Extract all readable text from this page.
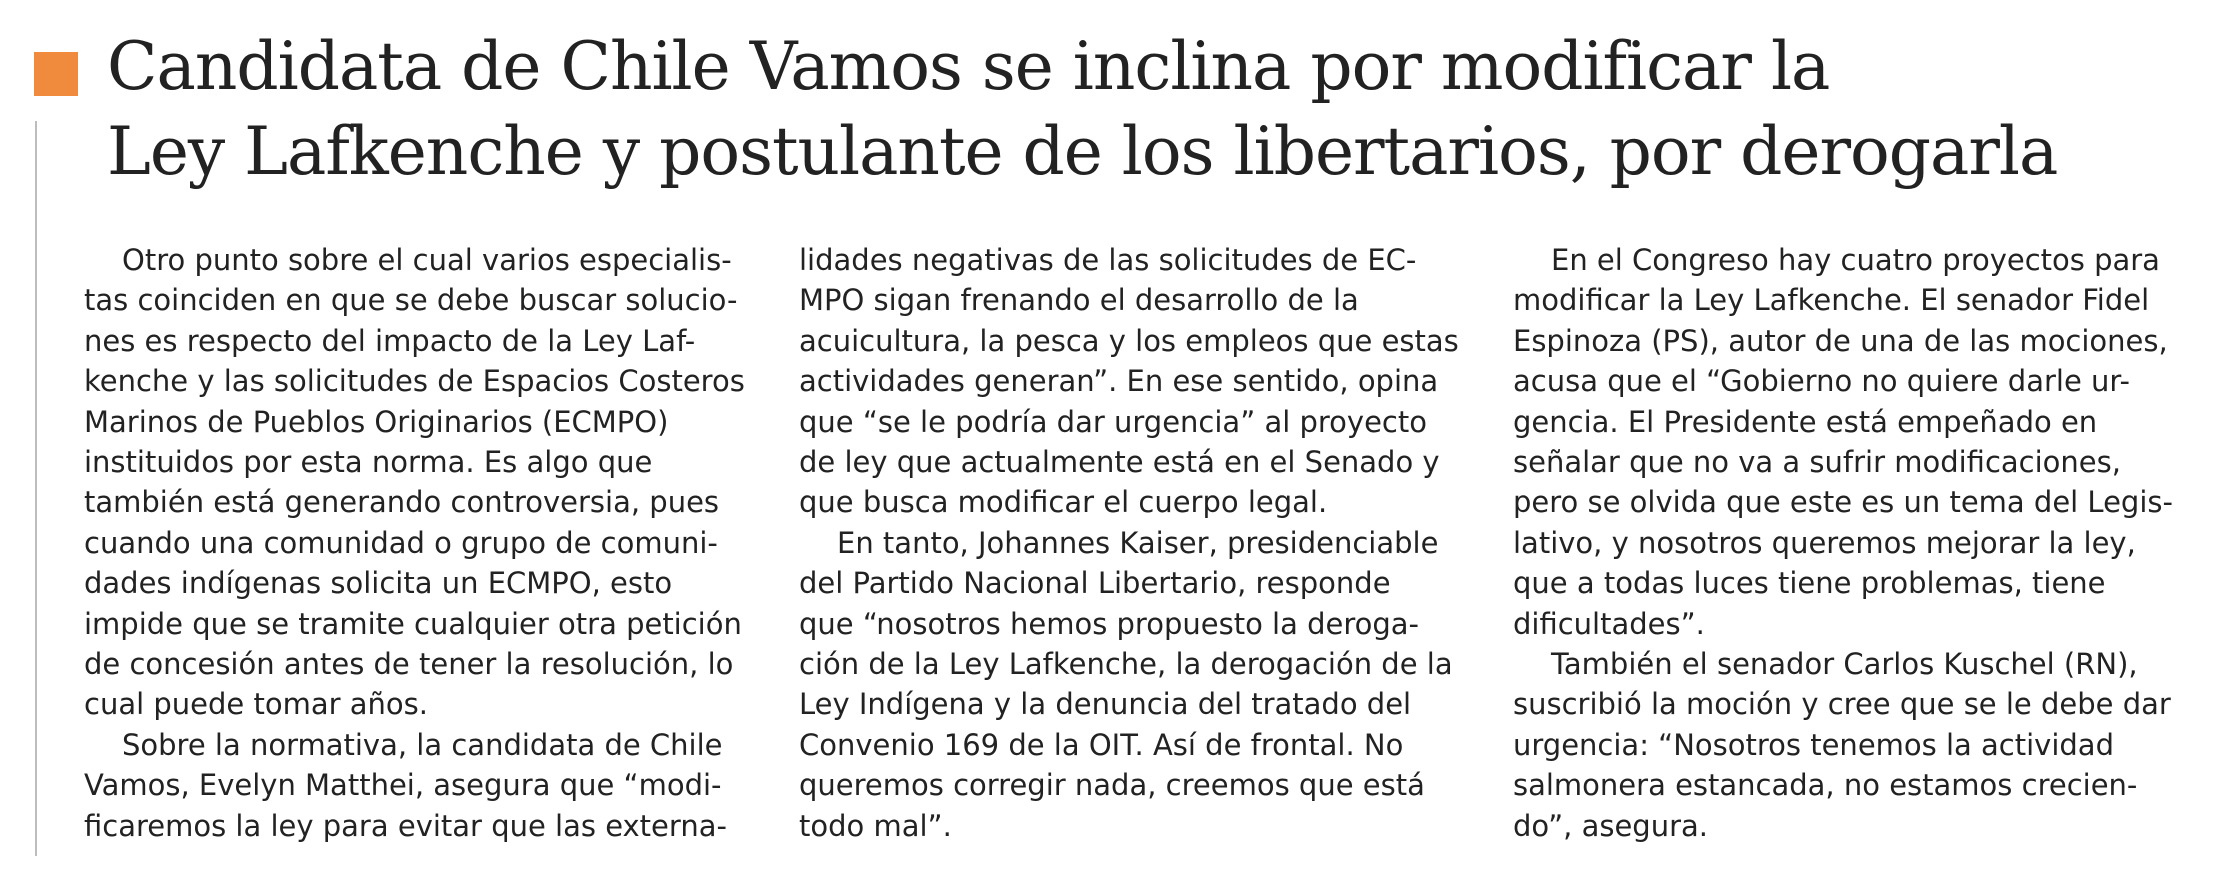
Candidata de Chile Vamos se inclina por modificar la
Ley Lafkenche y postulante de los libertarios, por derogarla
Otro punto sobre el cual varios especialis-
tas coinciden en que se debe buscar solucio-
nes es respecto del impacto de la Ley Laf-
kenche y las solicitudes de Espacios Costeros
Marinos de Pueblos Originarios (ECMPO)
instituidos por esta norma. Es algo que
también está generando controversia, pues
cuando una comunidad o grupo de comuni-
dades indígenas solicita un ECMPO, esto
impide que se tramite cualquier otra petición
de concesión antes de tener la resolución, lo
cual puede tomar años.
Sobre la normativa, la candidata de Chile
Vamos, Evelyn Matthei, asegura que “modi-
ficaremos la ley para evitar que las externa-
lidades negativas de las solicitudes de EC-
MPO sigan frenando el desarrollo de la
acuicultura, la pesca y los empleos que estas
actividades generan”. En ese sentido, opina
que “se le podría dar urgencia” al proyecto
de ley que actualmente está en el Senado y
que busca modificar el cuerpo legal.
En tanto, Johannes Kaiser, presidenciable
del Partido Nacional Libertario, responde
que “nosotros hemos propuesto la deroga-
ción de la Ley Lafkenche, la derogación de la
Ley Indígena y la denuncia del tratado del
Convenio 169 de la OIT. Así de frontal. No
queremos corregir nada, creemos que está
todo mal”.
En el Congreso hay cuatro proyectos para
modificar la Ley Lafkenche. El senador Fidel
Espinoza (PS), autor de una de las mociones,
acusa que el “Gobierno no quiere darle ur-
gencia. El Presidente está empeñado en
señalar que no va a sufrir modificaciones,
pero se olvida que este es un tema del Legis-
lativo, y nosotros queremos mejorar la ley,
que a todas luces tiene problemas, tiene
dificultades”.
También el senador Carlos Kuschel (RN),
suscribió la moción y cree que se le debe dar
urgencia: “Nosotros tenemos la actividad
salmonera estancada, no estamos crecien-
do”, asegura.
